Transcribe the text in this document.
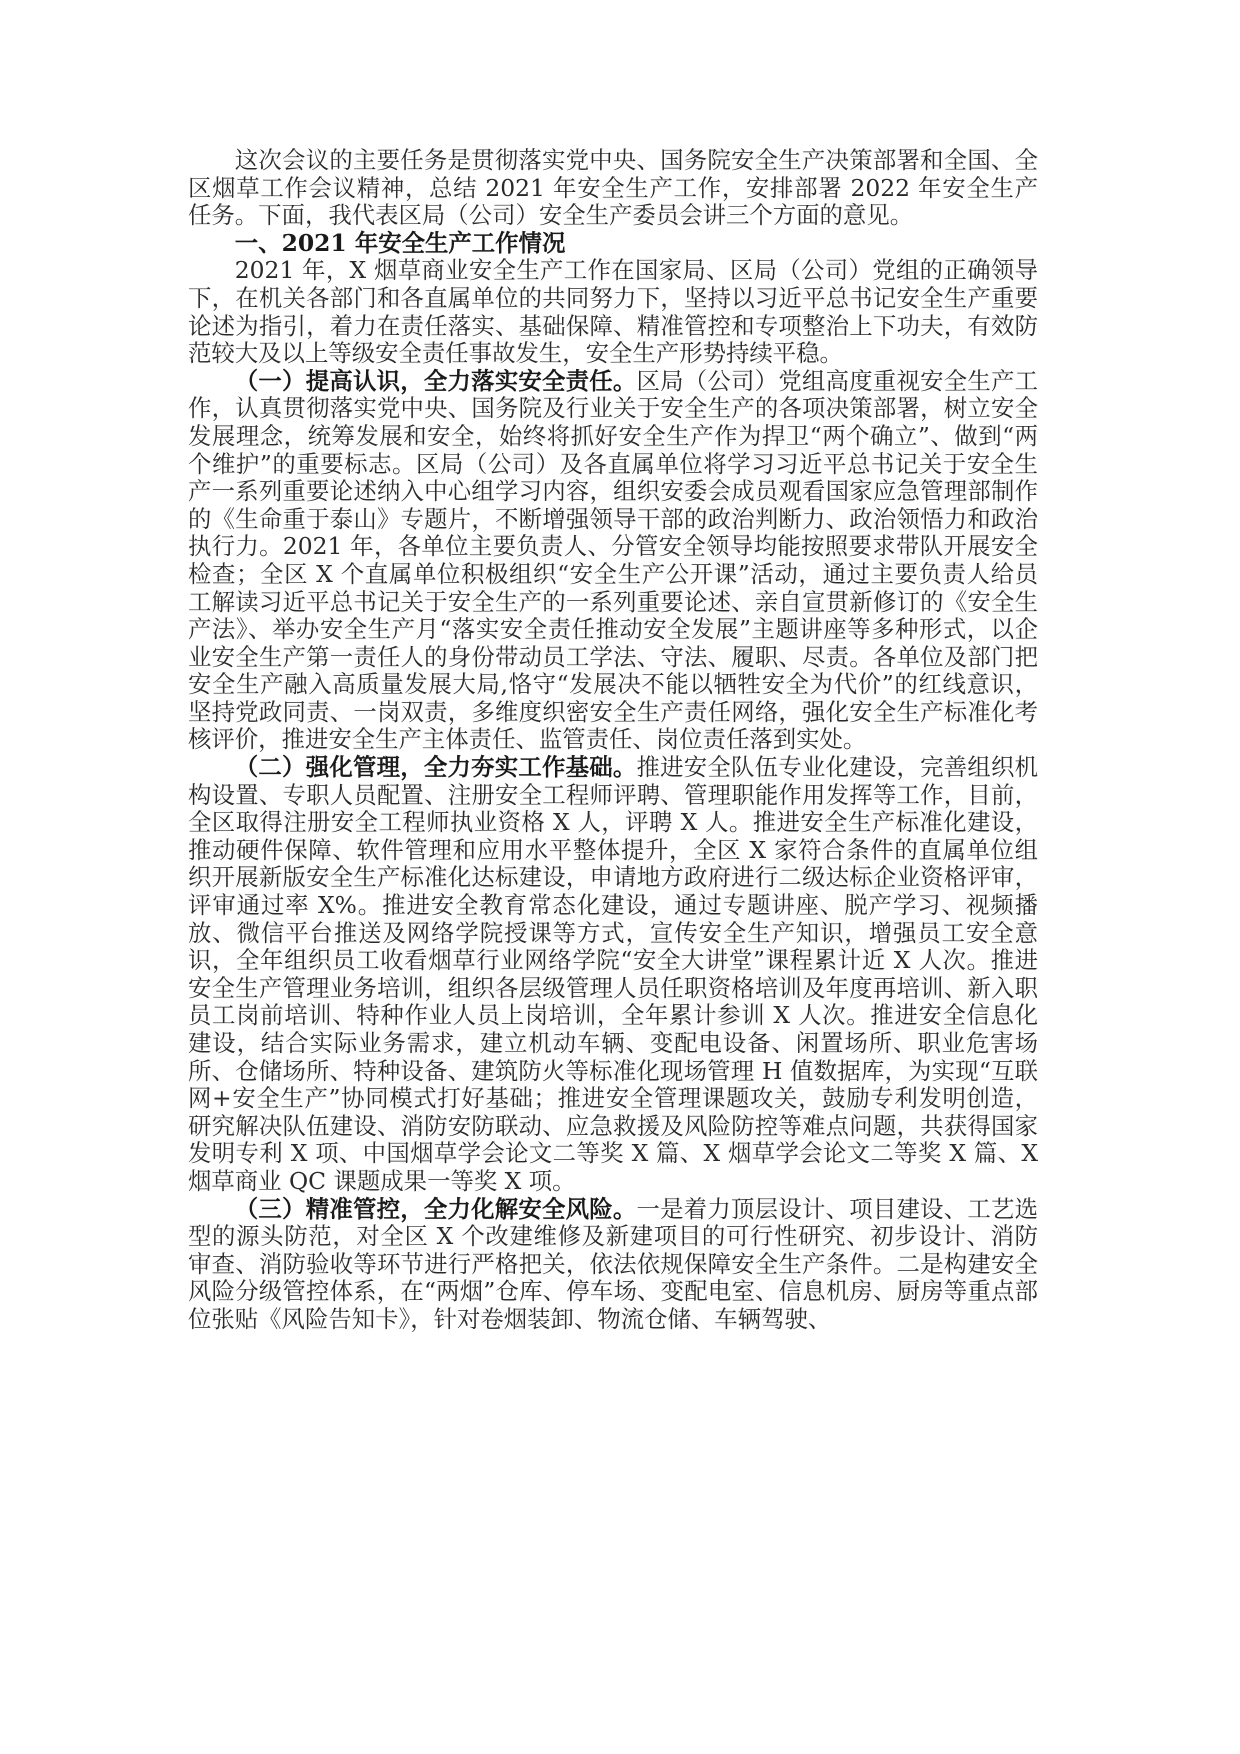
这次会议的主要任务是贯彻落实党中央、国务院安全生产决策部署和全国、全区烟草工作会议精神，总结 2021 年安全生产工作，安排部署 2022 年安全生产任务。下面，我代表区局（公司）安全生产委员会讲三个方面的意见。

一、2021 年安全生产工作情况

2021 年，X 烟草商业安全生产工作在国家局、区局（公司）党组的正确领导下，在机关各部门和各直属单位的共同努力下，坚持以习近平总书记安全生产重要论述为指引，着力在责任落实、基础保障、精准管控和专项整治上下功夫，有效防范较大及以上等级安全责任事故发生，安全生产形势持续平稳。

（一）提高认识，全力落实安全责任。区局（公司）党组高度重视安全生产工作，认真贯彻落实党中央、国务院及行业关于安全生产的各项决策部署，树立安全发展理念，统筹发展和安全，始终将抓好安全生产作为捍卫“两个确立”、做到“两个维护”的重要标志。区局（公司）及各直属单位将学习习近平总书记关于安全生产一系列重要论述纳入中心组学习内容，组织安委会成员观看国家应急管理部制作的《生命重于泰山》专题片，不断增强领导干部的政治判断力、政治领悟力和政治执行力。2021 年，各单位主要负责人、分管安全领导均能按照要求带队开展安全检查；全区 X 个直属单位积极组织“安全生产公开课”活动，通过主要负责人给员工解读习近平总书记关于安全生产的一系列重要论述、亲自宣贯新修订的《安全生产法》、举办安全生产月“落实安全责任推动安全发展”主题讲座等多种形式，以企业安全生产第一责任人的身份带动员工学法、守法、履职、尽责。各单位及部门把安全生产融入高质量发展大局,恪守“发展决不能以牺牲安全为代价”的红线意识，坚持党政同责、一岗双责，多维度织密安全生产责任网络，强化安全生产标准化考核评价，推进安全生产主体责任、监管责任、岗位责任落到实处。

（二）强化管理，全力夯实工作基础。推进安全队伍专业化建设，完善组织机构设置、专职人员配置、注册安全工程师评聘、管理职能作用发挥等工作，目前，全区取得注册安全工程师执业资格 X 人，评聘 X 人。推进安全生产标准化建设，推动硬件保障、软件管理和应用水平整体提升，全区 X 家符合条件的直属单位组织开展新版安全生产标准化达标建设，申请地方政府进行二级达标企业资格评审，评审通过率 X%。推进安全教育常态化建设，通过专题讲座、脱产学习、视频播放、微信平台推送及网络学院授课等方式，宣传安全生产知识，增强员工安全意识，全年组织员工收看烟草行业网络学院“安全大讲堂”课程累计近 X 人次。推进安全生产管理业务培训，组织各层级管理人员任职资格培训及年度再培训、新入职员工岗前培训、特种作业人员上岗培训，全年累计参训 X 人次。推进安全信息化建设，结合实际业务需求，建立机动车辆、变配电设备、闲置场所、职业危害场所、仓储场所、特种设备、建筑防火等标准化现场管理 H 值数据库，为实现“互联网+安全生产”协同模式打好基础；推进安全管理课题攻关，鼓励专利发明创造，研究解决队伍建设、消防安防联动、应急救援及风险防控等难点问题，共获得国家发明专利 X 项、中国烟草学会论文二等奖 X 篇、X 烟草学会论文二等奖 X 篇、X 烟草商业 QC 课题成果一等奖 X 项。

（三）精准管控，全力化解安全风险。一是着力顶层设计、项目建设、工艺选型的源头防范，对全区 X 个改建维修及新建项目的可行性研究、初步设计、消防审查、消防验收等环节进行严格把关，依法依规保障安全生产条件。二是构建安全风险分级管控体系，在“两烟”仓库、停车场、变配电室、信息机房、厨房等重点部位张贴《风险告知卡》，针对卷烟装卸、物流仓储、车辆驾驶、
